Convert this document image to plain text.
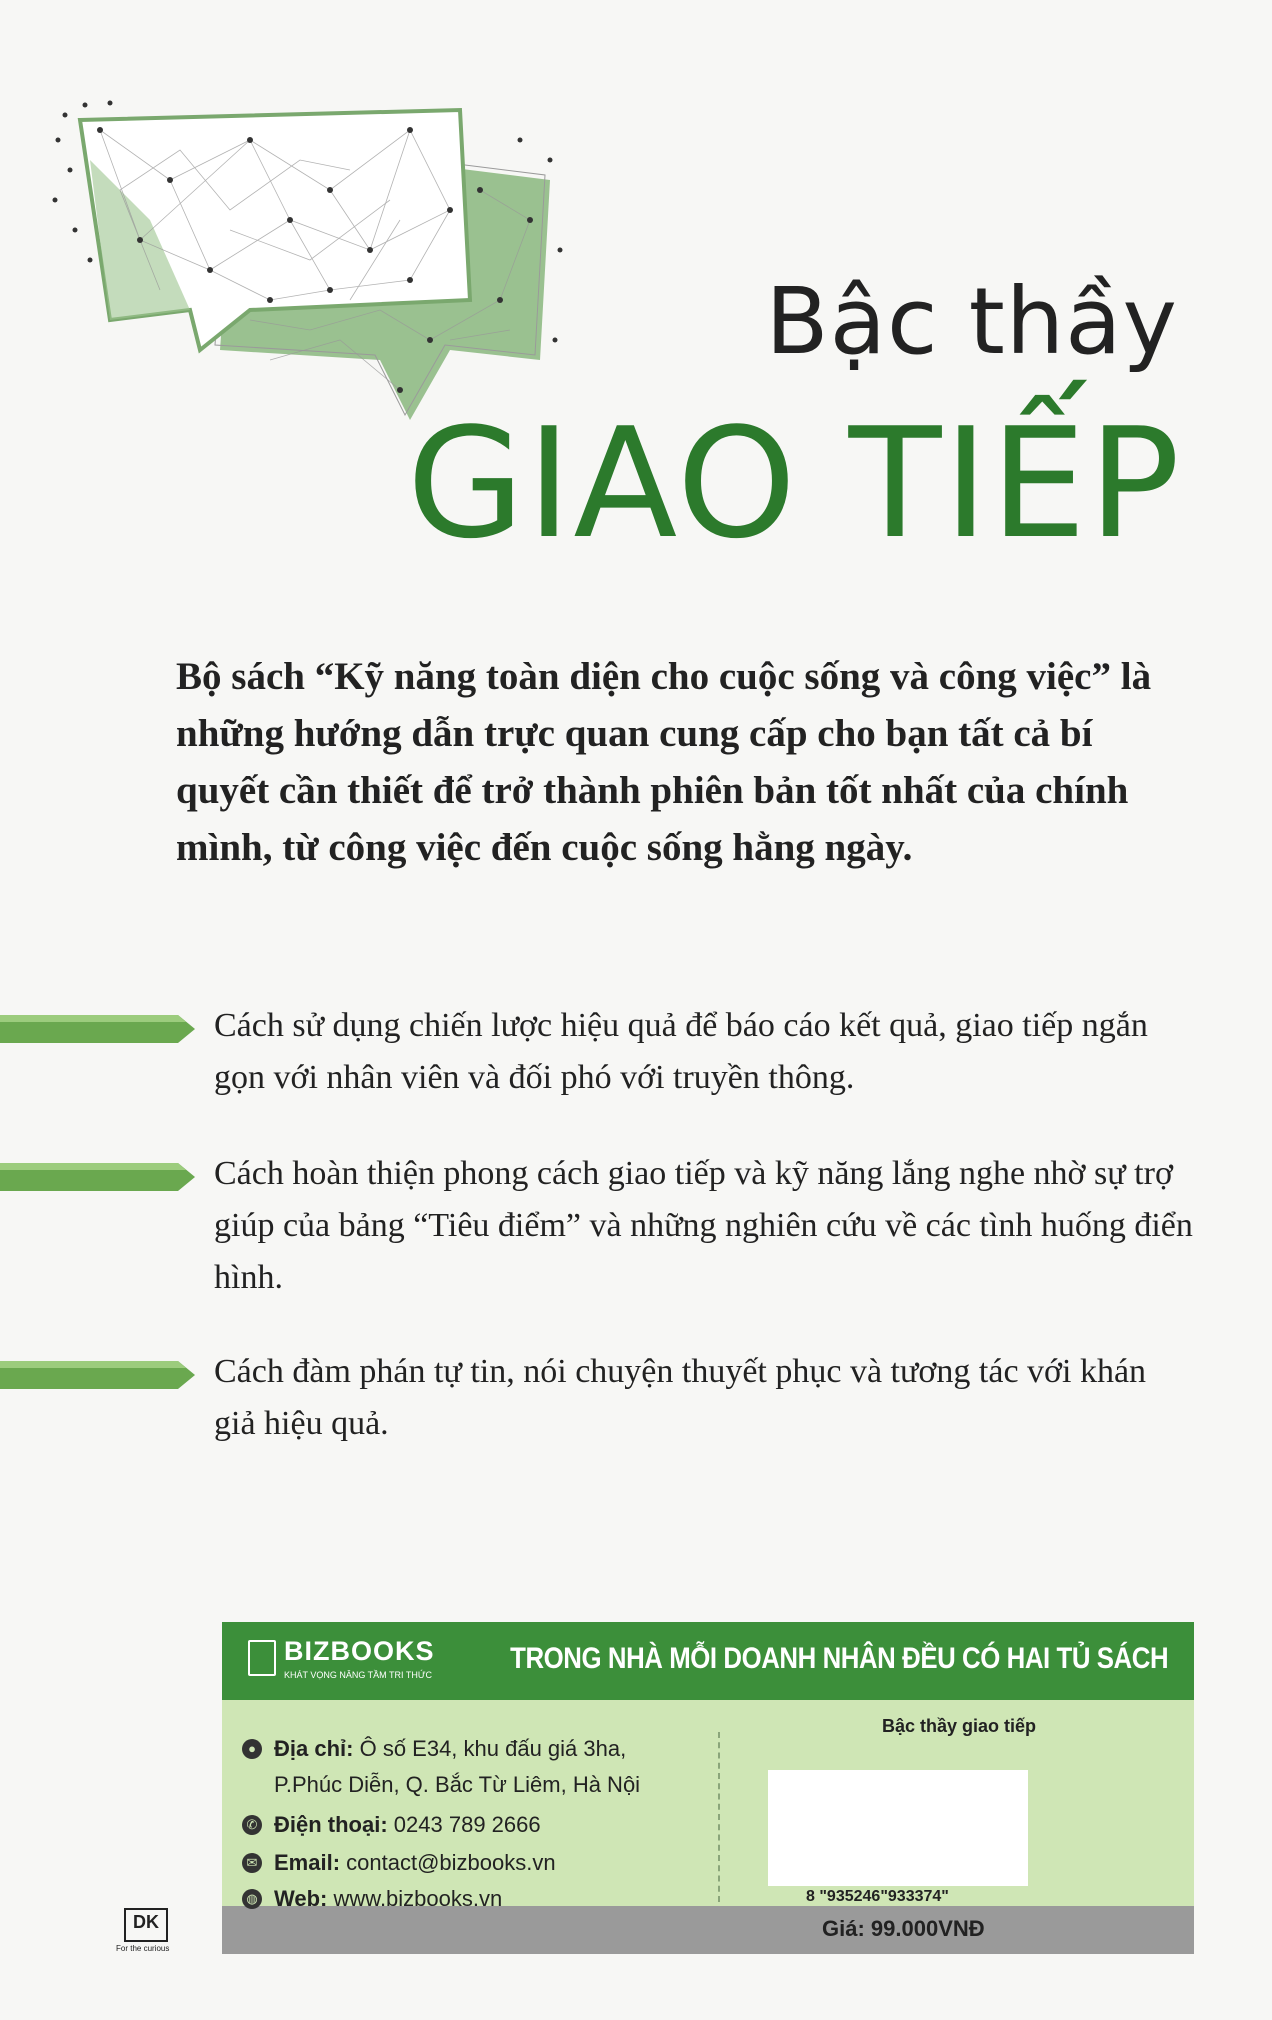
Bậc thầy
GIAO TIẾP
Bộ sách “Kỹ năng toàn diện cho cuộc sống và công việc” là những hướng dẫn trực quan cung cấp cho bạn tất cả bí quyết cần thiết để trở thành phiên bản tốt nhất của chính mình, từ công việc đến cuộc sống hằng ngày.
Cách sử dụng chiến lược hiệu quả để báo cáo kết quả, giao tiếp ngắn gọn với nhân viên và đối phó với truyền thông.
Cách hoàn thiện phong cách giao tiếp và kỹ năng lắng nghe nhờ sự trợ giúp của bảng “Tiêu điểm” và những nghiên cứu về các tình huống điển hình.
Cách đàm phán tự tin, nói chuyện thuyết phục và tương tác với khán giả hiệu quả.
BIZBOOKS
KHÁT VỌNG NÂNG TẦM TRI THỨC	TRONG NHÀ MỖI DOANH NHÂN ĐỀU CÓ HAI TỦ SÁCH
● Địa chỉ: Ô số E34, khu đấu giá 3ha,
P.Phúc Diễn, Q. Bắc Từ Liêm, Hà Nội
✆ Điện thoại: 0243 789 2666
✉ Email: contact@bizbooks.vn
◍ Web: www.bizbooks.vn
Bậc thầy giao tiếp
8 "935246"933374"
Giá: 99.000VNĐ
DK
For the curious
